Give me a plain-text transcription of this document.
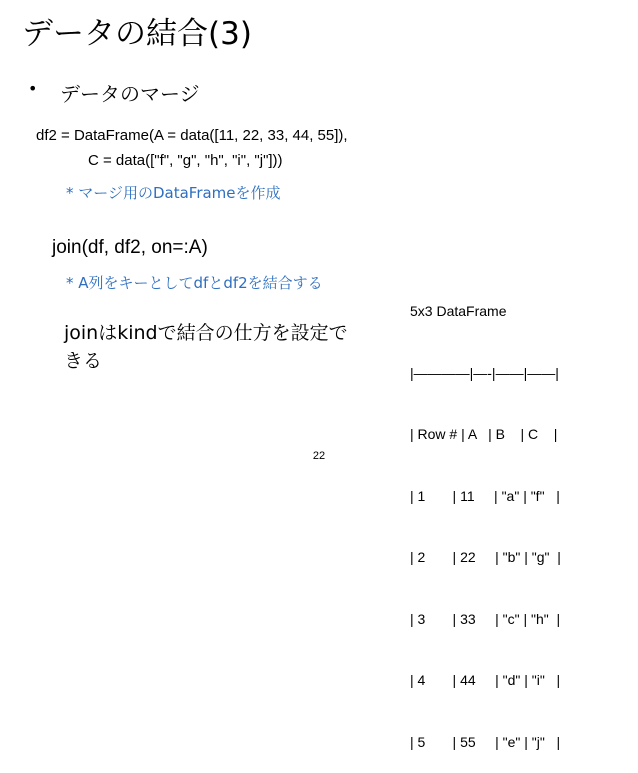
データの結合(3)
• データのマージ
df2 = DataFrame(A = data([11, 22, 33, 44, 55]),
C = data(["f", "g", "h", "i", "j"]))
* マージ用のDataFrameを作成
join(df, df2, on=:A)
* A列をキーとしてdfとdf2を結合する
joinはkindで結合の仕方を設定できる

5x3 DataFrame

|————|—-|——|——|

| Row # | A   | B    | C    |

| 1       | 11     | "a" | "f"   |

| 2       | 22     | "b" | "g"  |

| 3       | 33     | "c" | "h"  |

| 4       | 44     | "d" | "i"   |

| 5       | 55     | "e" | "j"   |

22
